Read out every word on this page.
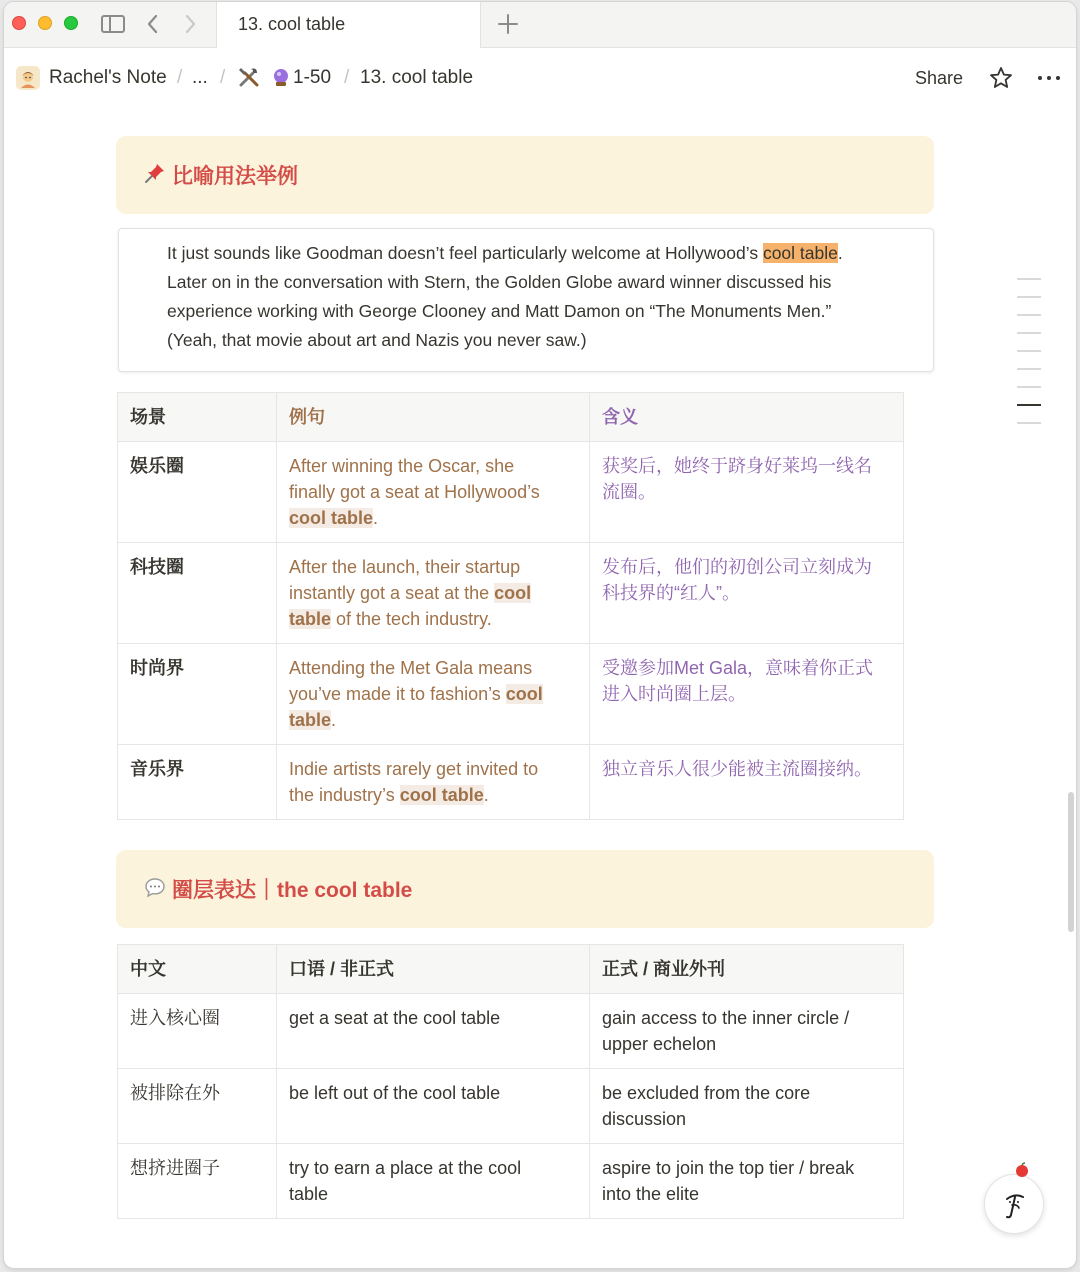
13. cool table
Rachel's Note / ... /	1-50 / 13. cool table	Share
比喻用法举例
It just sounds like Goodman doesn’t feel particularly welcome at Hollywood’s cool table.
Later on in the conversation with Stern, the Golden Globe award winner discussed his
experience working with George Clooney and Matt Damon on “The Monuments Men.”
(Yeah, that movie about art and Nazis you never saw.)
场景	例句	含义
娱乐圈	After winning the Oscar, she
finally got a seat at Hollywood’s
cool table.	获奖后，她终于跻身好莱坞一线名
流圈。
科技圈	After the launch, their startup
instantly got a seat at the cool
table of the tech industry.	发布后，他们的初创公司立刻成为
科技界的“红人”。
时尚界	Attending the Met Gala means
you’ve made it to fashion’s cool
table.	受邀参加Met Gala，意味着你正式
进入时尚圈上层。
音乐界	Indie artists rarely get invited to
the industry’s cool table.	独立音乐人很少能被主流圈接纳。
圈层表达｜the cool table
中文	口语 / 非正式	正式 / 商业外刊
进入核心圈	get a seat at the cool table	gain access to the inner circle /
upper echelon
被排除在外	be left out of the cool table	be excluded from the core
discussion
想挤进圈子	try to earn a place at the cool
table	aspire to join the top tier / break
into the elite
